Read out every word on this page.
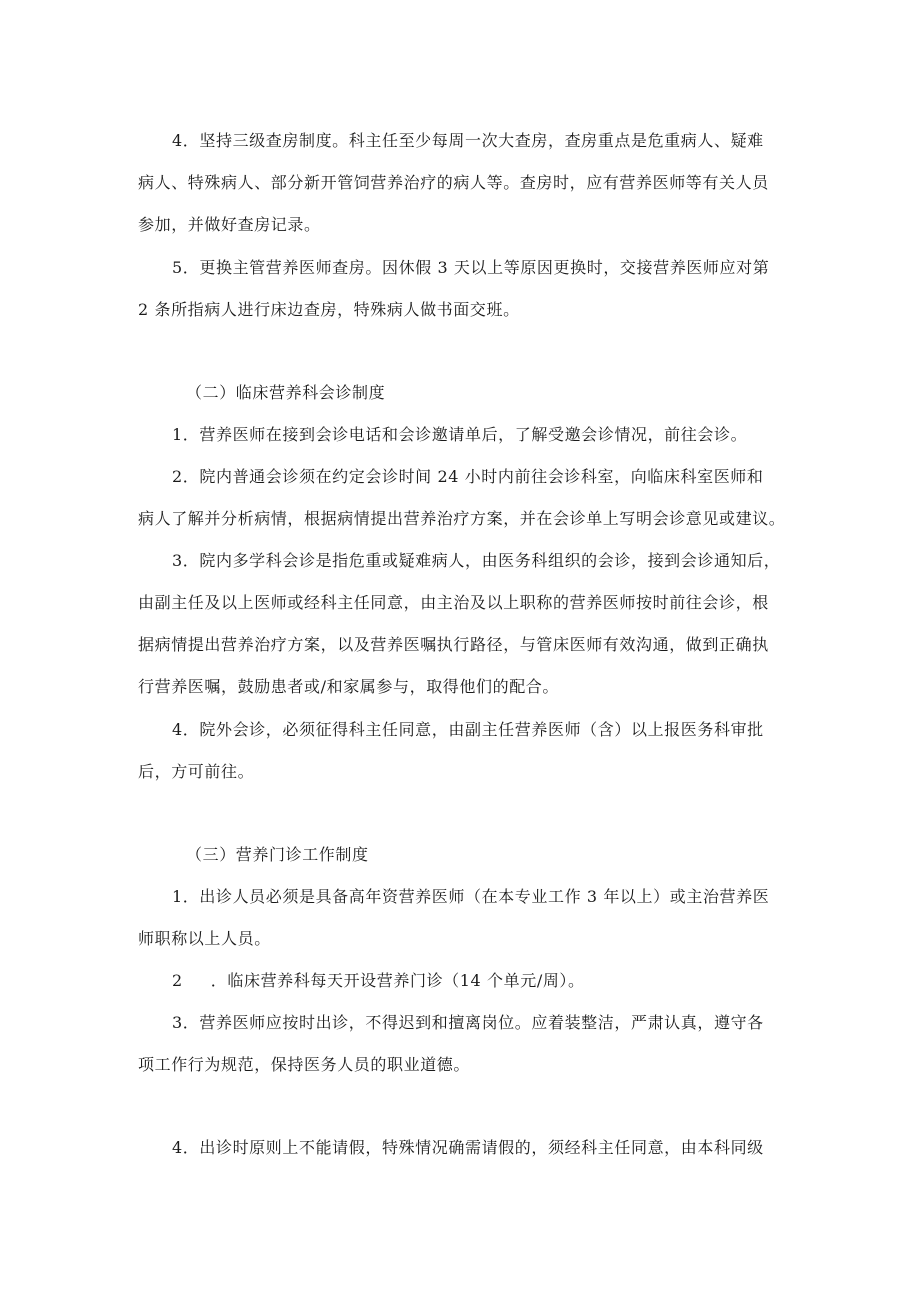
4．坚持三级查房制度。科主任至少每周一次大查房，查房重点是危重病人、疑难
病人、特殊病人、部分新开管饲营养治疗的病人等。查房时，应有营养医师等有关人员
参加，并做好查房记录。
5．更换主管营养医师查房。因休假 3 天以上等原因更换时，交接营养医师应对第
2 条所指病人进行床边查房，特殊病人做书面交班。
（二）临床营养科会诊制度
1．营养医师在接到会诊电话和会诊邀请单后，了解受邀会诊情况，前往会诊。
2．院内普通会诊须在约定会诊时间 24 小时内前往会诊科室，向临床科室医师和
病人了解并分析病情，根据病情提出营养治疗方案，并在会诊单上写明会诊意见或建议。
3．院内多学科会诊是指危重或疑难病人，由医务科组织的会诊，接到会诊通知后，
由副主任及以上医师或经科主任同意，由主治及以上职称的营养医师按时前往会诊，根
据病情提出营养治疗方案，以及营养医嘱执行路径，与管床医师有效沟通，做到正确执
行营养医嘱，鼓励患者或/和家属参与，取得他们的配合。
4．院外会诊，必须征得科主任同意，由副主任营养医师（含）以上报医务科审批
后，方可前往。
（三）营养门诊工作制度
1．出诊人员必须是具备高年资营养医师（在本专业工作 3 年以上）或主治营养医
师职称以上人员。
2 ．临床营养科每天开设营养门诊（14 个单元/周）。
3．营养医师应按时出诊，不得迟到和擅离岗位。应着装整洁，严肃认真，遵守各
项工作行为规范，保持医务人员的职业道德。
4．出诊时原则上不能请假，特殊情况确需请假的，须经科主任同意，由本科同级
